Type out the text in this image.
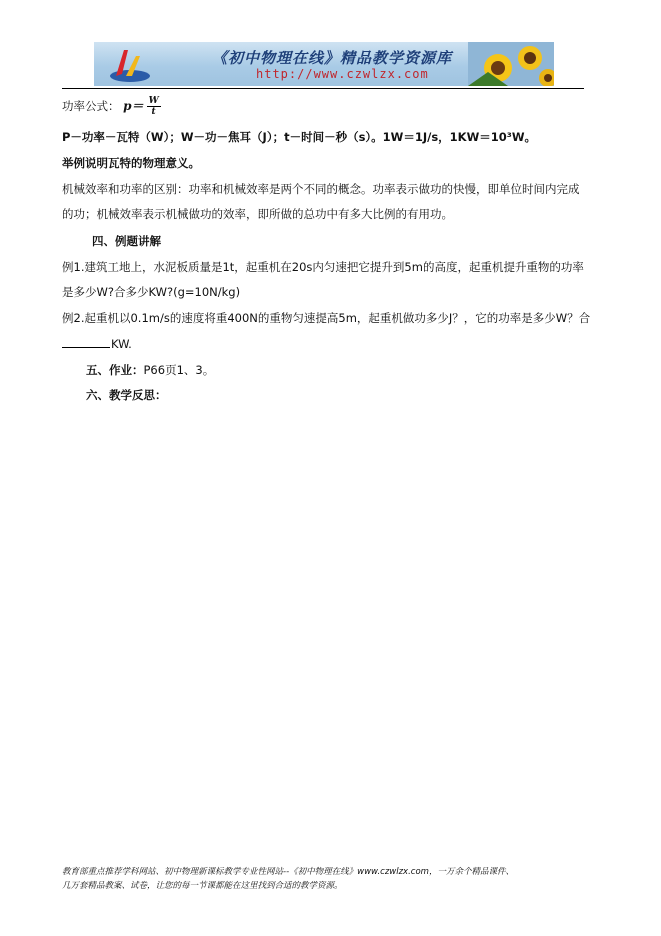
《初中物理在线》精品教学资源库
http://www.czwlzx.com
功率公式： $p= \frac{W}{t}$
P－功率－瓦特（W）；W－功－焦耳（J）；t－时间－秒（s）。1W＝1J/s，1KW＝10³W。
举例说明瓦特的物理意义。
机械效率和功率的区别：功率和机械效率是两个不同的概念。功率表示做功的快慢，即单位时间内完成
的功；机械效率表示机械做功的效率，即所做的总功中有多大比例的有用功。
四、例题讲解
例1.建筑工地上，水泥板质量是1t，起重机在20s内匀速把它提升到5m的高度，起重机提升重物的功率
是多少W?合多少KW?(g=10N/kg)
例2.起重机以0.1m/s的速度将重400N的重物匀速提高5m，起重机做功多少J？，它的功率是多少W？合
KW.
五、作业：P66页1、3。
六、教学反思：
教育部重点推荐学科网站、初中物理新课标教学专业性网站--《初中物理在线》www.czwlzx.com，一万余个精品课件、
几万套精品教案、试卷，让您的每一节课都能在这里找到合适的教学资源。
